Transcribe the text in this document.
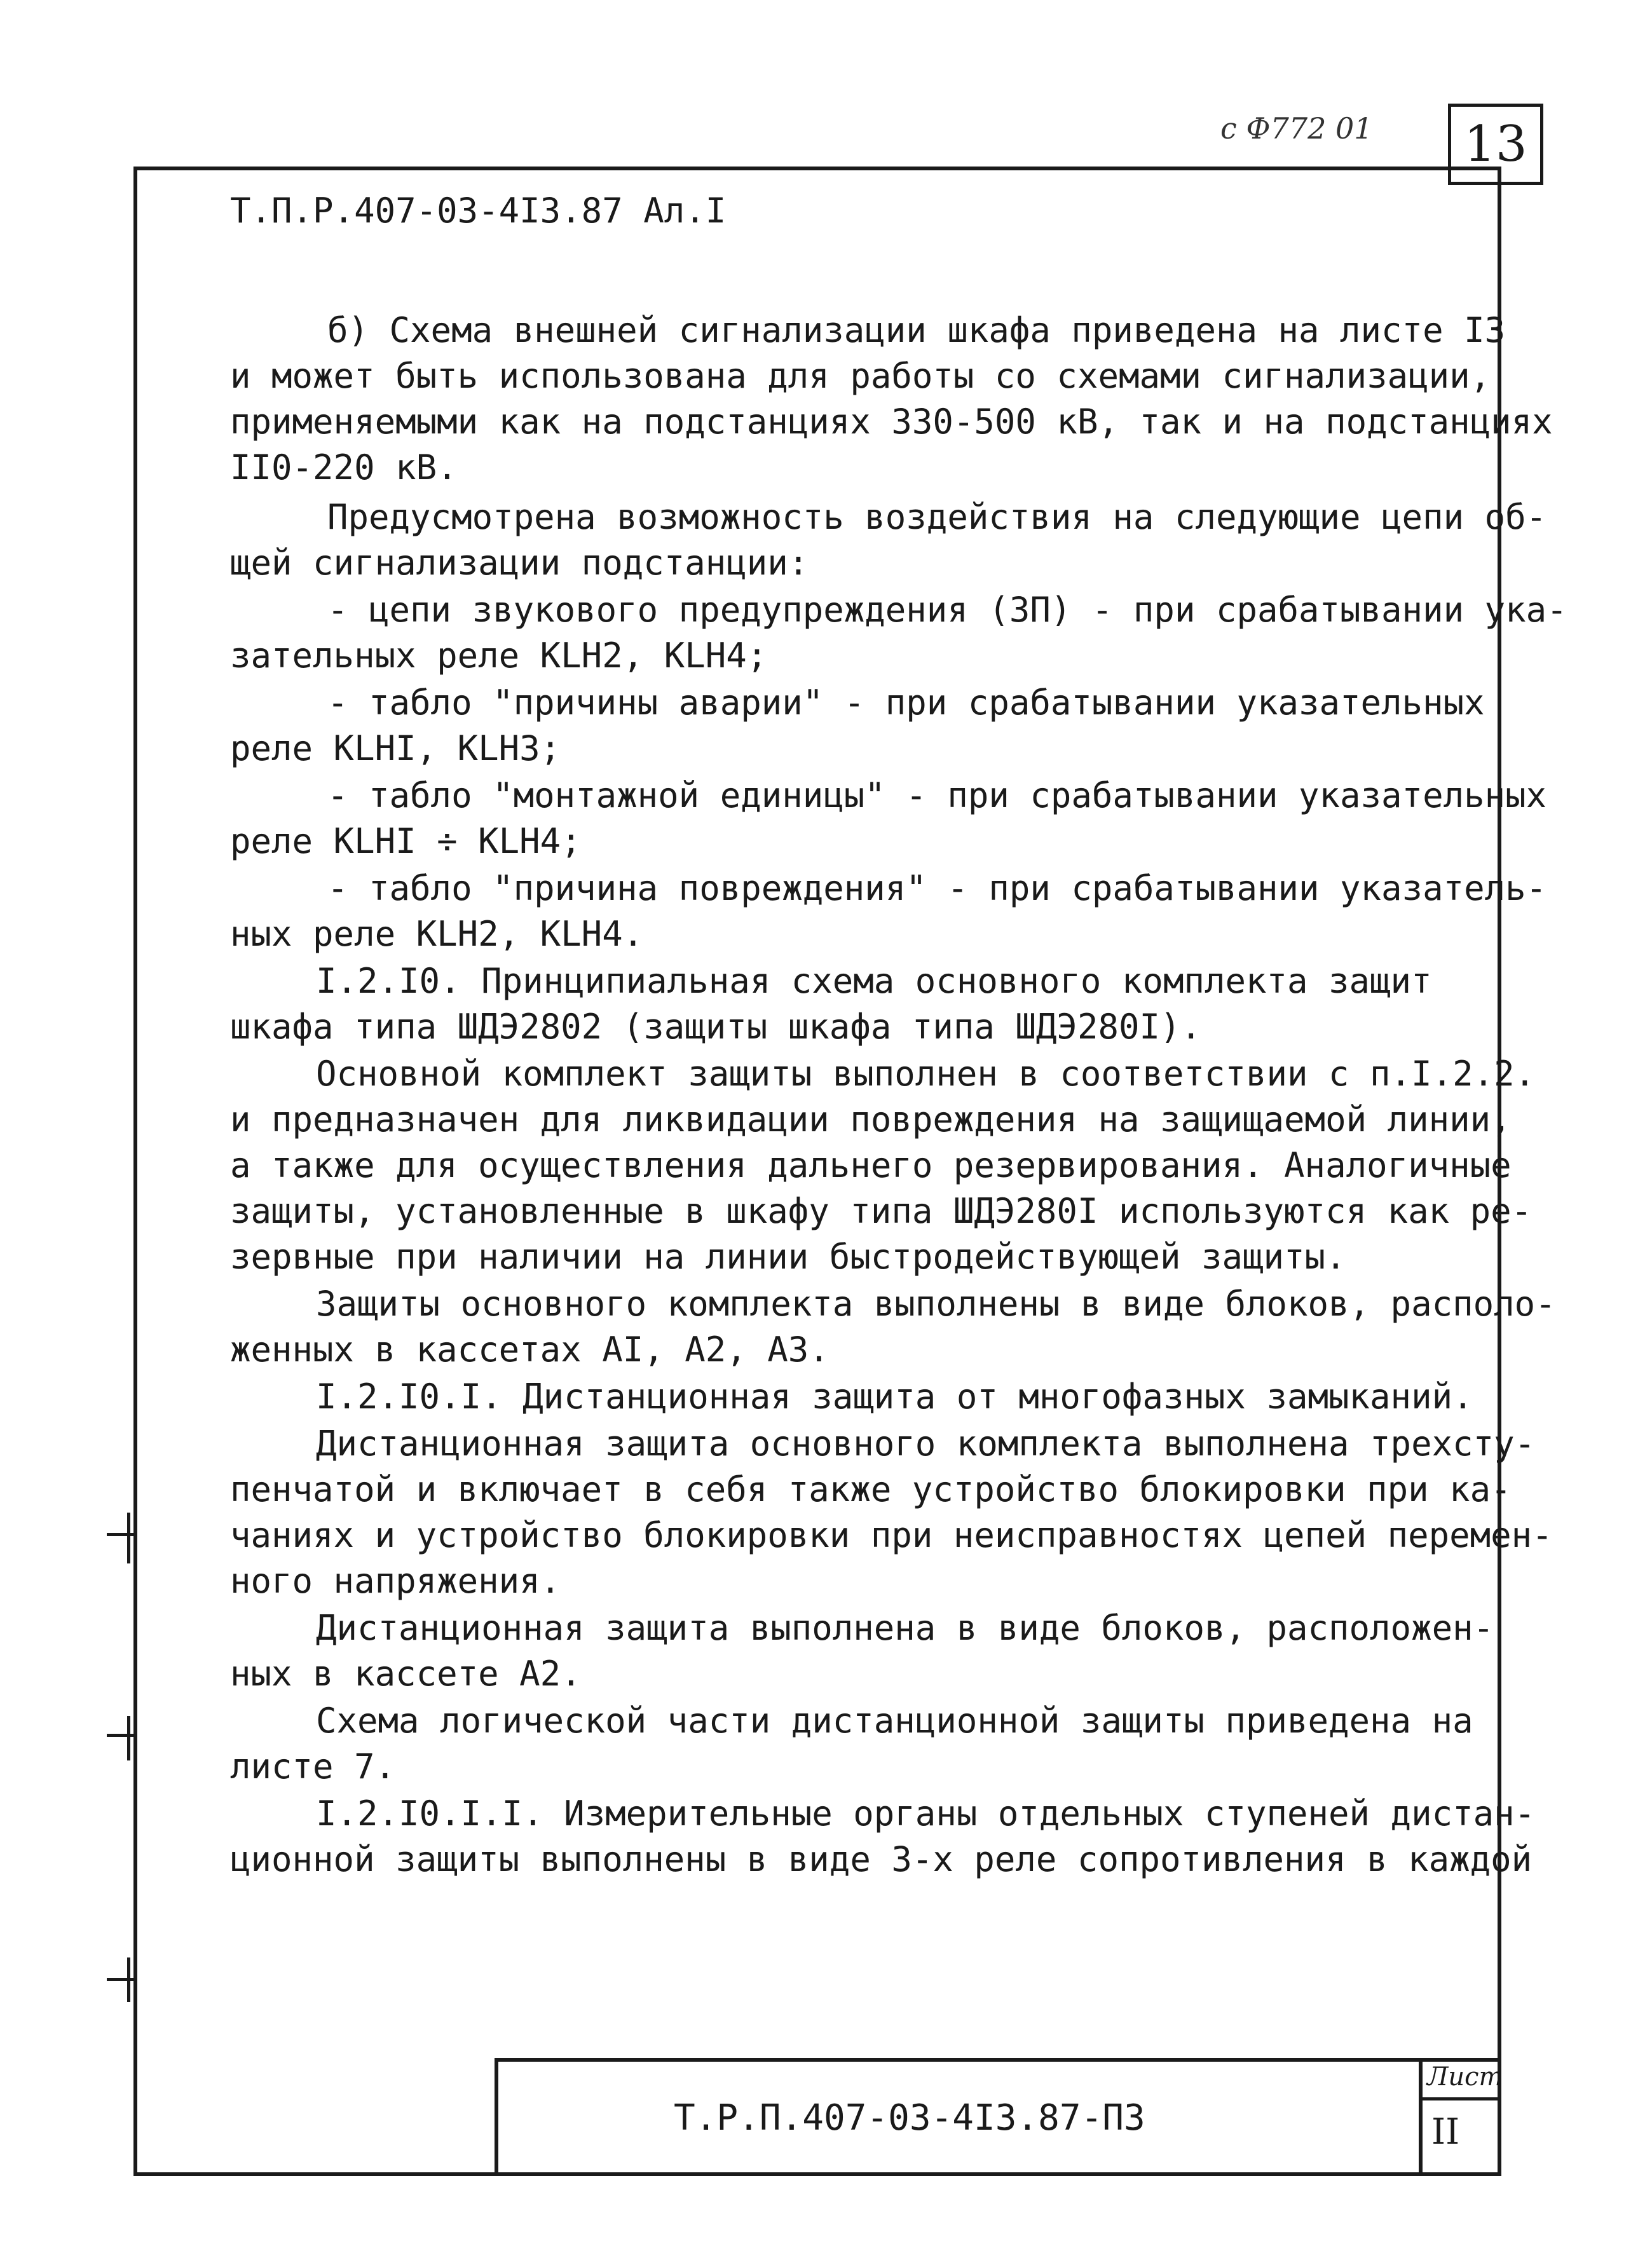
с Ф772 01	13
Т.П.Р.407-03-4I3.87 Ал.I
б) Схема внешней сигнализации шкафа приведена на листе I3
и может быть использована для работы со схемами сигнализации,
применяемыми как на подстанциях 330-500 кВ, так и на подстанциях
II0-220 кВ.
Предусмотрена возможность воздействия на следующие цепи об-
щей сигнализации подстанции:
- цепи звукового предупреждения (ЗП) - при срабатывании ука-
зательных реле КLН2, КLН4;
- табло "причины аварии" - при срабатывании указательных
реле КLНI, КLН3;
- табло "монтажной единицы" - при срабатывании указательных
реле КLНI ÷ КLН4;
- табло "причина повреждения" - при срабатывании указатель-
ных реле КLН2, КLН4.
I.2.I0. Принципиальная схема основного комплекта защит
шкафа типа ШДЭ2802 (защиты шкафа типа ШДЭ280I).
Основной комплект защиты выполнен в соответствии с п.I.2.2.
и предназначен для ликвидации повреждения на защищаемой линии,
а также для осуществления дальнего резервирования. Аналогичные
защиты, установленные в шкафу типа ШДЭ280I используются как ре-
зервные при наличии на линии быстродействующей защиты.
Защиты основного комплекта выполнены в виде блоков, располо-
женных в кассетах АI, А2, А3.
I.2.I0.I. Дистанционная защита от многофазных замыканий.
Дистанционная защита основного комплекта выполнена трехсту-
пенчатой и включает в себя также устройство блокировки при ка-
чаниях и устройство блокировки при неисправностях цепей перемен-
ного напряжения.
Дистанционная защита выполнена в виде блоков, расположен-
ных в кассете А2.
Схема логической части дистанционной защиты приведена на
листе 7.
I.2.I0.I.I. Измерительные органы отдельных ступеней дистан-
ционной защиты выполнены в виде 3-х реле сопротивления в каждой
Т.Р.П.407-03-4I3.87-ПЗ
Лист
II
